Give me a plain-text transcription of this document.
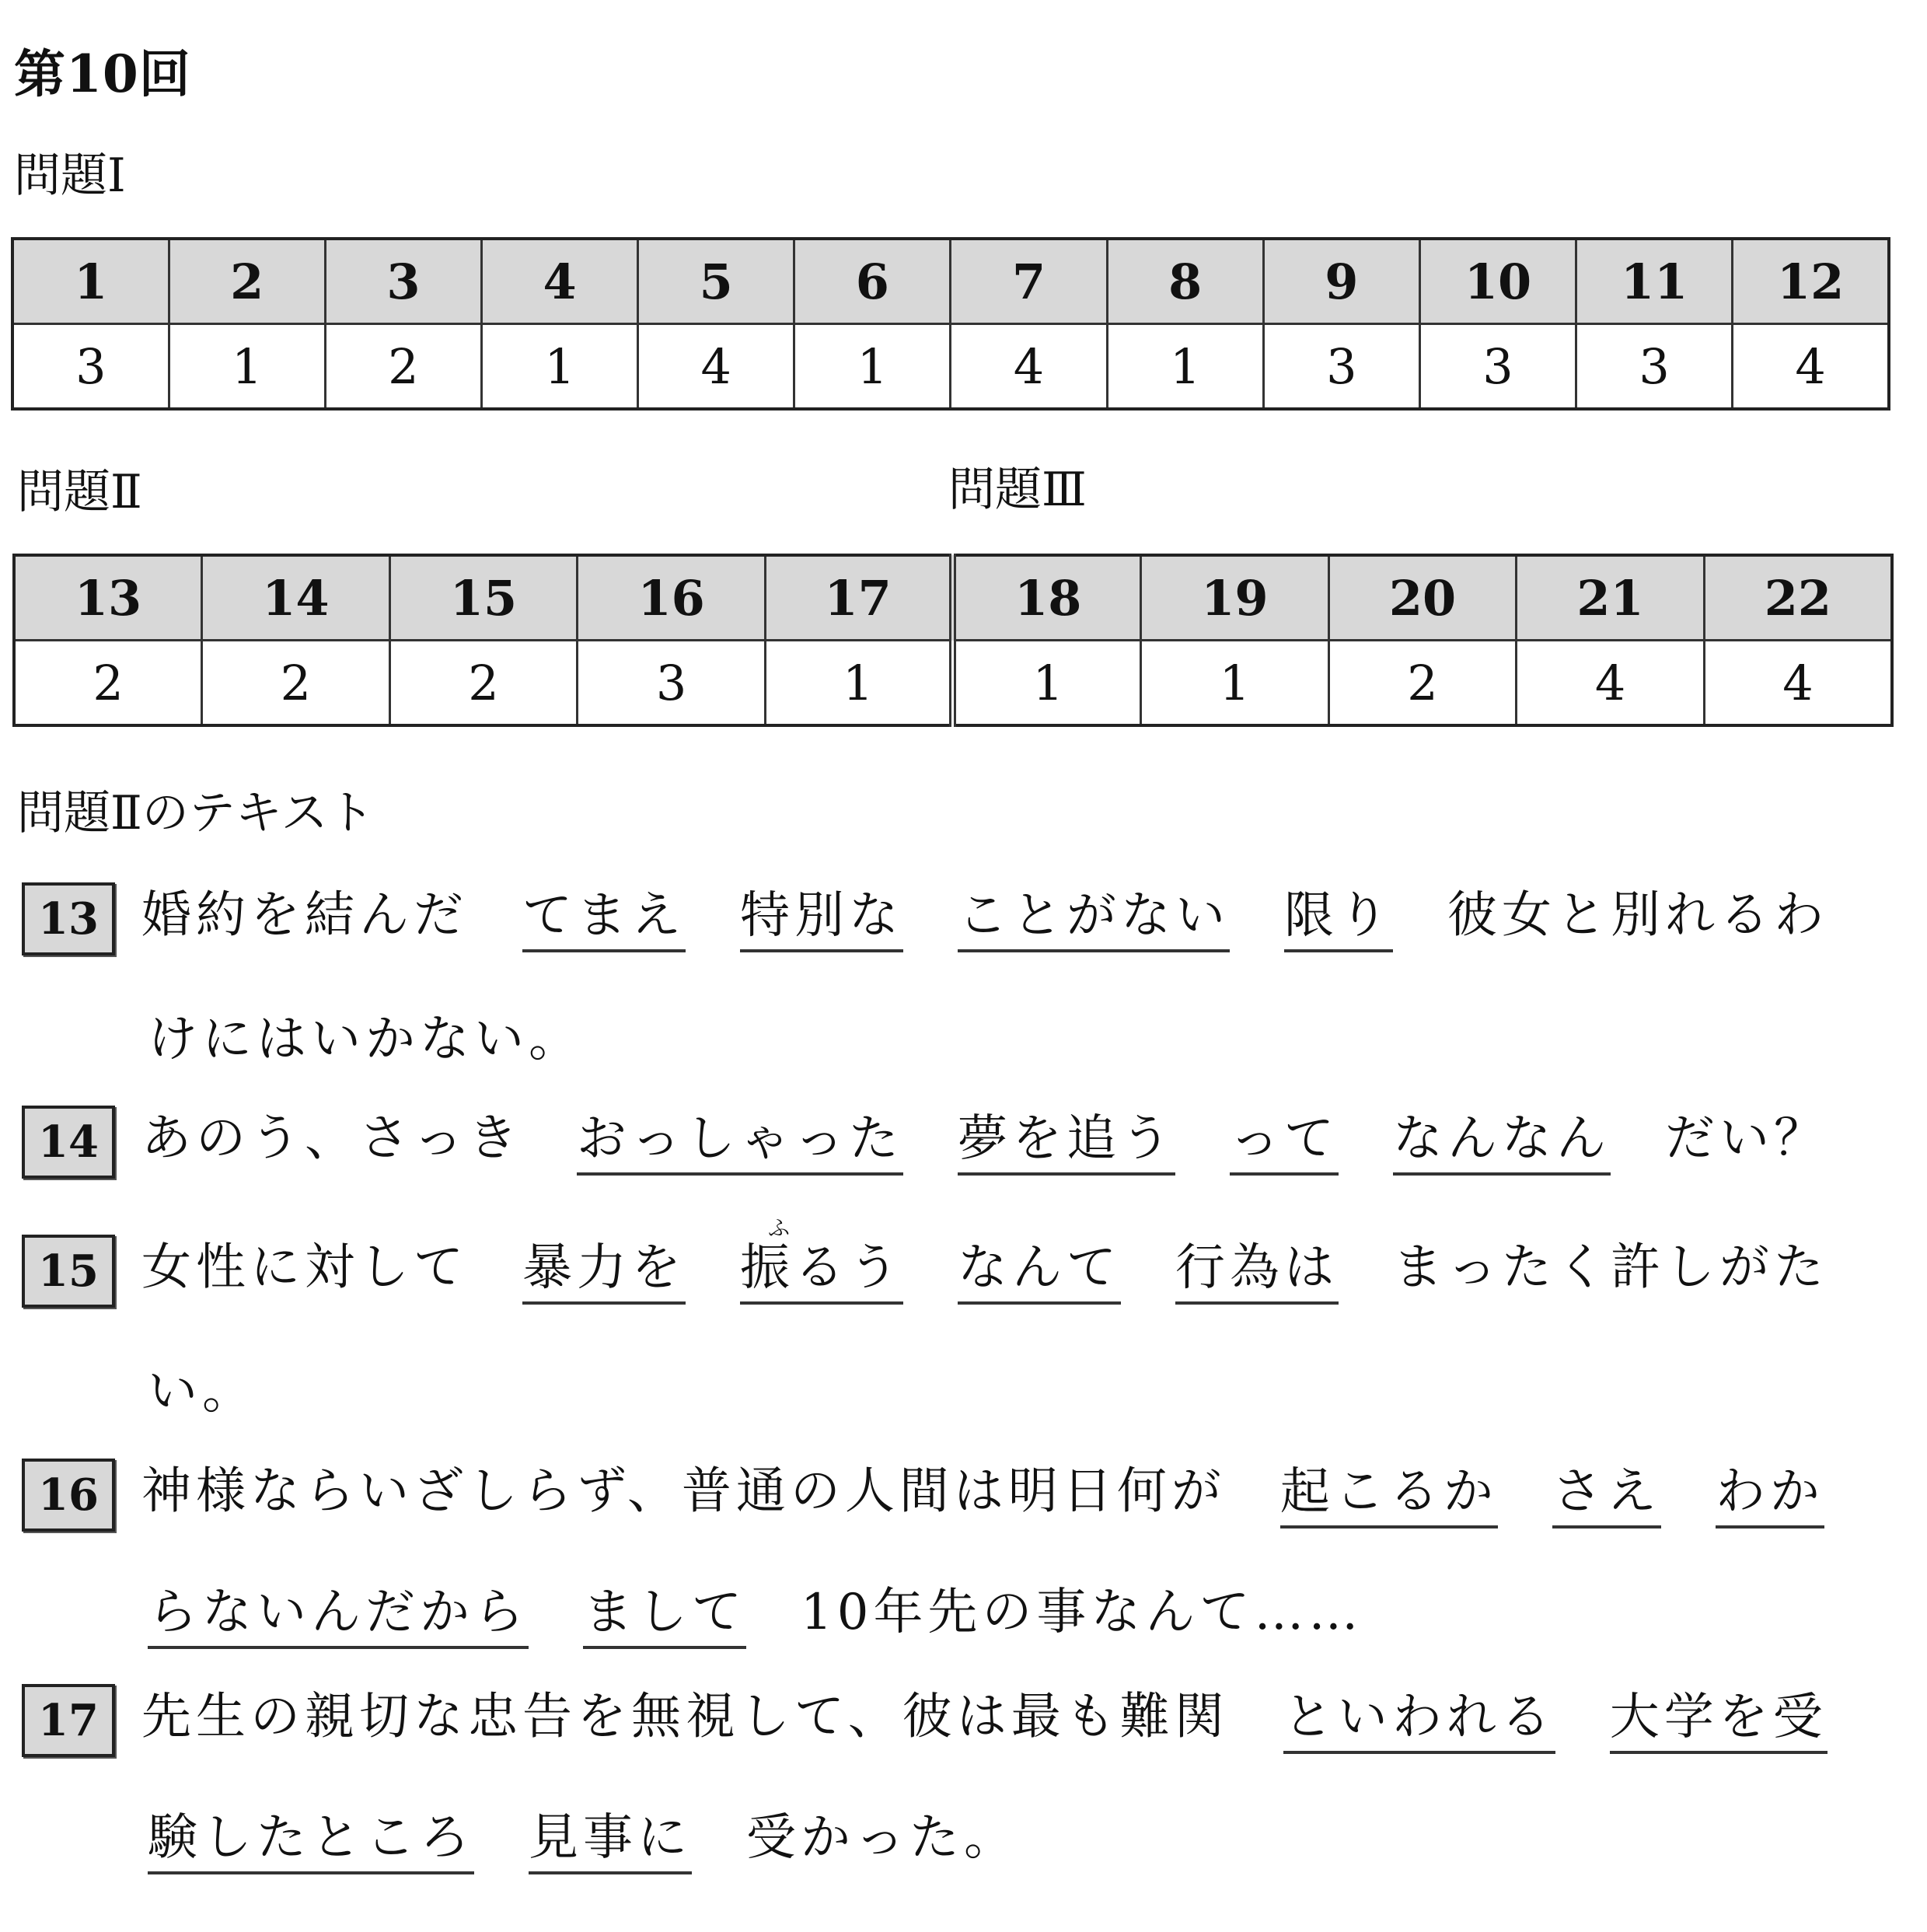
第10回
問題Ⅰ
1	2	3	4	5	6	7	8	9	10	11	12
3	1	2	1	4	1	4	1	3	3	3	4
問題Ⅱ	問題Ⅲ
13	14	15	16	17	18	19	20	21	22
2	2	2	3	1	1	1	2	4	4
問題Ⅱのテキスト
13 婚約を結んだ てまえ 特別な ことがない 限り 彼女と別れるわ
けにはいかない。
14 あのう、さっき おっしゃった 夢を追う って なんなん だい？
ふ
15 女性に対して 暴力を 振るう なんて 行為は まったく許しがた
い。
16 神様ならいざしらず、普通の人間は明日何が 起こるか さえ わか
らないんだから まして 10年先の事なんて……
17 先生の親切な忠告を無視して、彼は最も難関 といわれる 大学を受
験したところ 見事に 受かった。
